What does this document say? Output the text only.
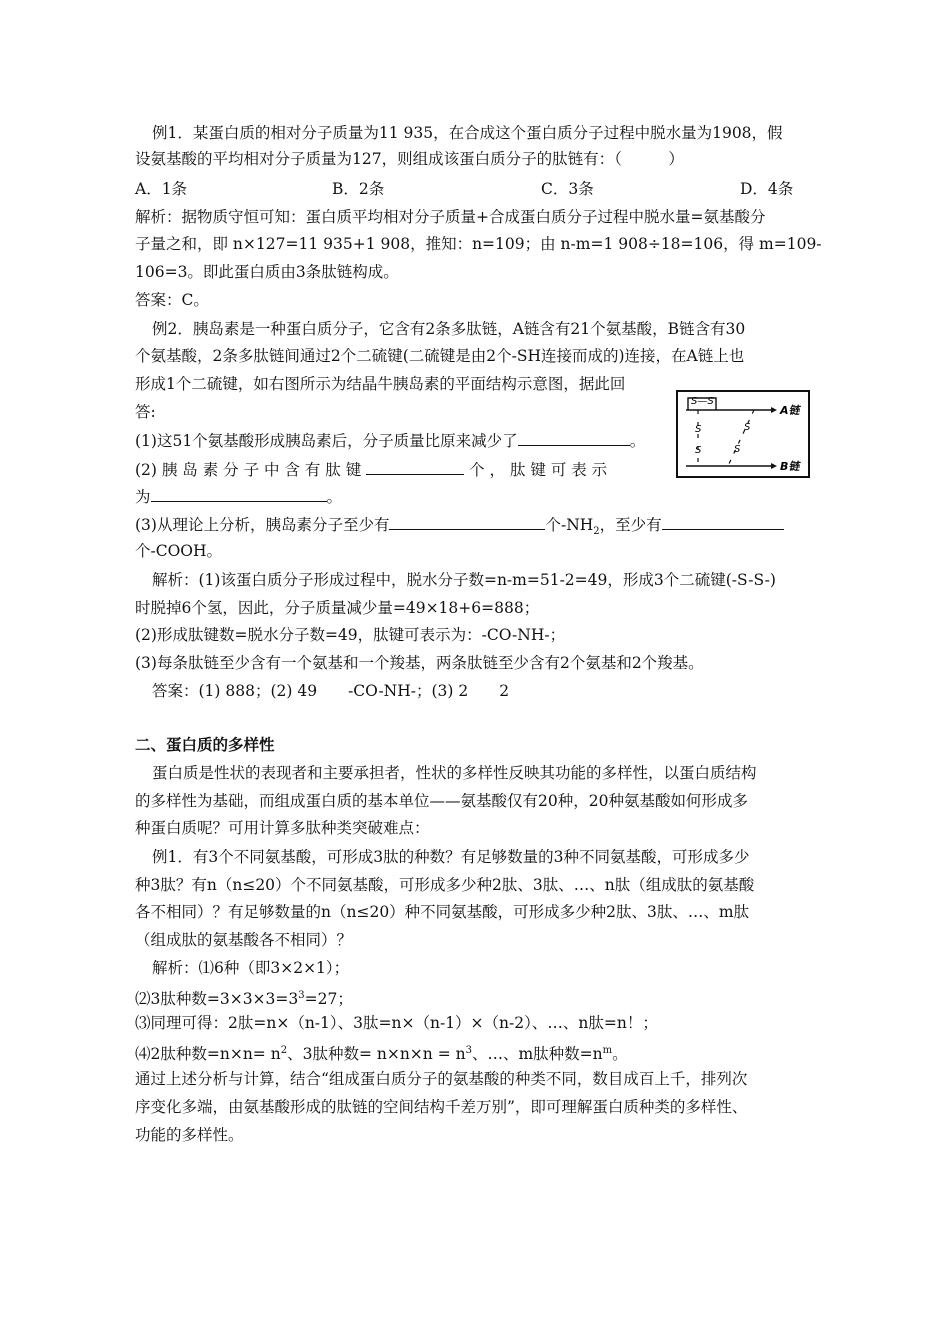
例1．某蛋白质的相对分子质量为11 935，在合成这个蛋白质分子过程中脱水量为1908，假
设氨基酸的平均相对分子质量为127，则组成该蛋白质分子的肽链有：（　　　）
A．1条	B．2条	C．3条	D．4条
解析：据物质守恒可知：蛋白质平均相对分子质量+合成蛋白质分子过程中脱水量=氨基酸分
子量之和，即 n×127=11 935+1 908，推知：n=109；由 n-m=1 908÷18=106，得 m=109-
106=3。即此蛋白质由3条肽链构成。
答案：C。
例2．胰岛素是一种蛋白质分子，它含有2条多肽链，A链含有21个氨基酸，B链含有30
个氨基酸，2条多肽链间通过2个二硫键(二硫键是由2个-SH连接而成的)连接，在A链上也
形成1个二硫键，如右图所示为结晶牛胰岛素的平面结构示意图，据此回
答:
(1)这51个氨基酸形成胰岛素后，分子质量比原来减少了	。
(2) 胰 岛 素 分 子 中 含 有 肽 键	个 ， 肽 键 可 表 示
为	。
(3)从理论上分析，胰岛素分子至少有	个$-NH_2$，至少有
个-COOH。
A链
S—S
B链
S
S
S
S
解析：(1)该蛋白质分子形成过程中，脱水分子数=n-m=51-2=49，形成3个二硫键(-S-S-)
时脱掉6个氢，因此，分子质量减少量=49×18+6=888；
(2)形成肽键数=脱水分子数=49，肽键可表示为：-CO-NH-；
(3)每条肽链至少含有一个氨基和一个羧基，两条肽链至少含有2个氨基和2个羧基。
答案：(1) 888；(2) 49　　-CO-NH-；(3) 2　　2
二、蛋白质的多样性
蛋白质是性状的表现者和主要承担者，性状的多样性反映其功能的多样性，以蛋白质结构
的多样性为基础，而组成蛋白质的基本单位——氨基酸仅有20种，20种氨基酸如何形成多
种蛋白质呢？可用计算多肽种类突破难点：
例1．有3个不同氨基酸，可形成3肽的种数？有足够数量的3种不同氨基酸，可形成多少
种3肽？有n（n≤20）个不同氨基酸，可形成多少种2肽、3肽、…、n肽（组成肽的氨基酸
各不相同）？有足够数量的n（n≤20）种不同氨基酸，可形成多少种2肽、3肽、…、m肽
（组成肽的氨基酸各不相同）？
解析：⑴6种（即3×2×1）；
⑵3肽种数$=3\times 3\times 3=3^3=27$；
⑶同理可得：2肽=n×（n-1）、3肽=n×（n-1）×（n-2）、…、n肽=n！；
⑷2肽种数$=n\times n= n^2$、3肽种数= $n\times n\times n = n^3$、…、m肽种数$=n^m$。
通过上述分析与计算，结合“组成蛋白质分子的氨基酸的种类不同，数目成百上千，排列次
序变化多端，由氨基酸形成的肽链的空间结构千差万别”，即可理解蛋白质种类的多样性、
功能的多样性。
